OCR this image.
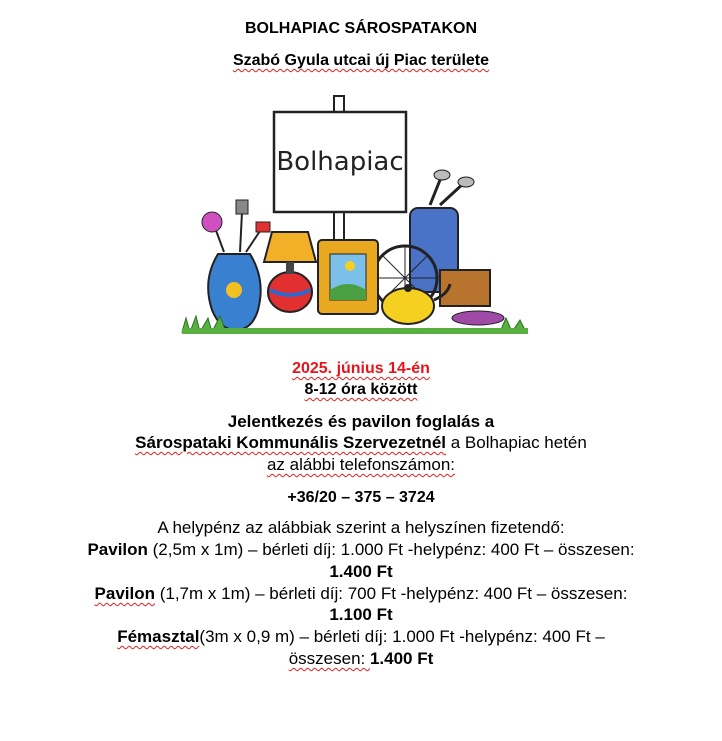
BOLHAPIAC SÁROSPATAKON
Szabó Gyula utcai új Piac területe
Bolhapiac
2025. június 14-én
8-12 óra között
Jelentkezés és pavilon foglalás a
Sárospataki Kommunális Szervezetnél a Bolhapiac hetén
az alábbi telefonszámon:
+36/20 – 375 – 3724
A helypénz az alábbiak szerint a helyszínen fizetendő:
Pavilon (2,5m x 1m) – bérleti díj: 1.000 Ft -helypénz: 400 Ft – összesen:
1.400 Ft
Pavilon (1,7m x 1m) – bérleti díj: 700 Ft -helypénz: 400 Ft – összesen:
1.100 Ft
Fémasztal(3m x 0,9 m) – bérleti díj: 1.000 Ft -helypénz: 400 Ft –
összesen: 1.400 Ft
